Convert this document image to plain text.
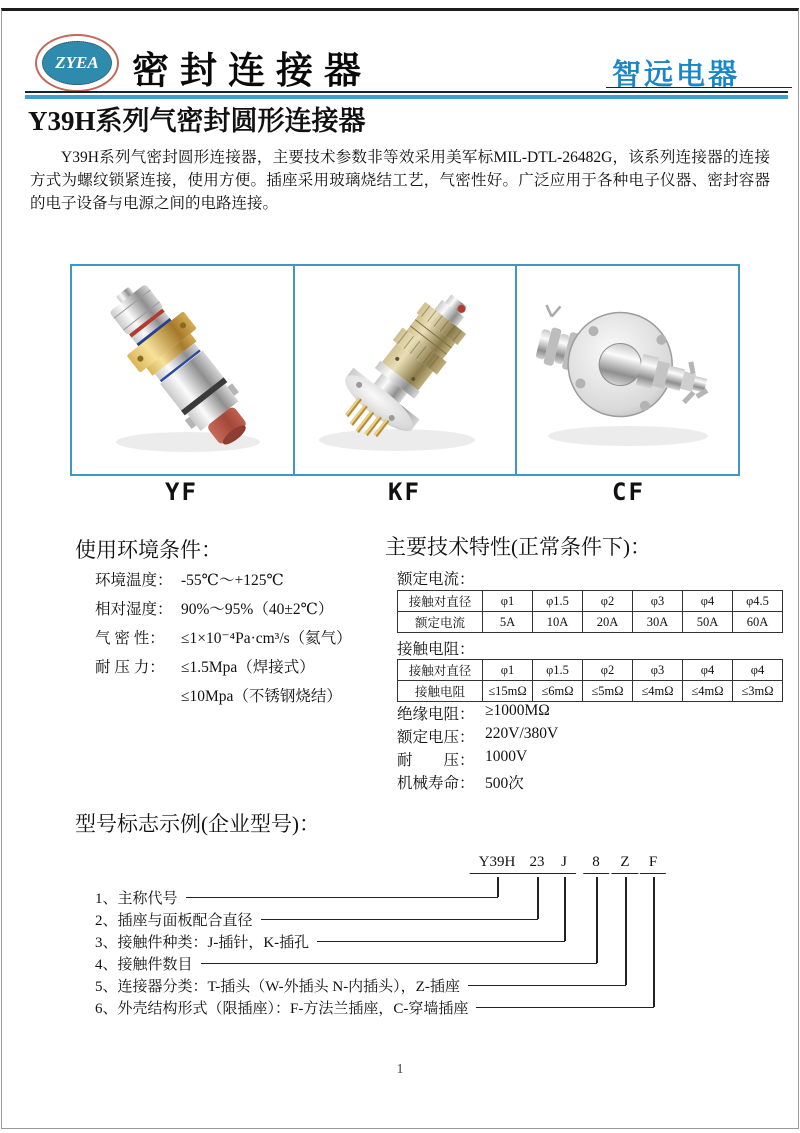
ZYEA 密封连接器	智远电器
Y39H系列气密封圆形连接器
Y39H系列气密封圆形连接器，主要技术参数非等效采用美军标MIL-DTL-26482G，该系列连接器的连接方式为螺纹锁紧连接，使用方便。插座采用玻璃烧结工艺，气密性好。广泛应用于各种电子仪器、密封容器的电子设备与电源之间的电路连接。
YF	KF	CF
使用环境条件：
环境温度： -55℃～+125℃
相对湿度： 90%～95%（40±2℃）
气 密 性：	≤1×10⁻⁴Pa·cm³/s（氦气）
耐 压 力：	≤1.5Mpa（焊接式）
≤10Mpa（不锈钢烧结）
主要技术特性(正常条件下)：
额定电流：
接触对直径	φ1	φ1.5	φ2	φ3	φ4	φ4.5
额定电流	5A	10A	20A	30A	50A	60A
接触电阻：
接触对直径	φ1	φ1.5	φ2	φ3	φ4	φ4
接触电阻	≤15mΩ	≤6mΩ	≤5mΩ	≤4mΩ	≤4mΩ	≤3mΩ
绝缘电阻： ≥1000MΩ
额定电压： 220V/380V
耐　　压： 1000V
机械寿命： 500次
型号标志示例(企业型号)：
Y39H 23	J	8	Z	F
1、主称代号
2、插座与面板配合直径
3、接触件种类：J-插针，K-插孔
4、接触件数目
5、连接器分类：T-插头（W-外插头 N-内插头），Z-插座
6、外壳结构形式（限插座）：F-方法兰插座，C-穿墙插座
1
